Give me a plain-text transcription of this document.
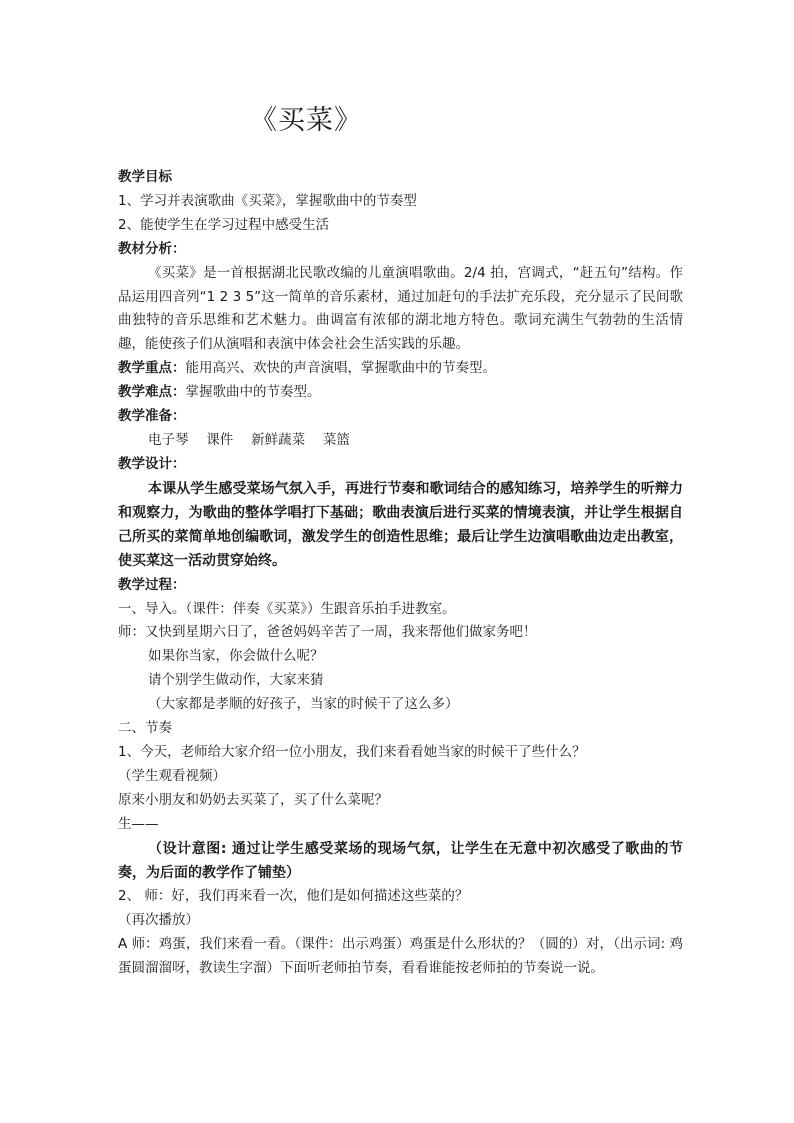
《买菜》

教学目标

1、学习并表演歌曲《买菜》，掌握歌曲中的节奏型

2、能使学生在学习过程中感受生活

教材分析：

《买菜》是一首根据湖北民歌改编的儿童演唱歌曲。2/4 拍，宫调式，“赶五句”结构。作品运用四音列“1 2 3 5”这一简单的音乐素材，通过加赶句的手法扩充乐段，充分显示了民间歌曲独特的音乐思维和艺术魅力。曲调富有浓郁的湖北地方特色。歌词充满生气勃勃的生活情趣，能使孩子们从演唱和表演中体会社会生活实践的乐趣。

教学重点：能用高兴、欢快的声音演唱，掌握歌曲中的节奏型。

教学难点：掌握歌曲中的节奏型。

教学准备：

电子琴　 课件　 新鲜蔬菜　 菜篮

教学设计：

本课从学生感受菜场气氛入手，再进行节奏和歌词结合的感知练习，培养学生的听辩力和观察力，为歌曲的整体学唱打下基础；歌曲表演后进行买菜的情境表演，并让学生根据自己所买的菜简单地创编歌词，激发学生的创造性思维；最后让学生边演唱歌曲边走出教室，使买菜这一活动贯穿始终。

教学过程：

一、导入。（课件：伴奏《买菜》）生跟音乐拍手进教室。

师：又快到星期六日了，爸爸妈妈辛苦了一周，我来帮他们做家务吧！

如果你当家，你会做什么呢？

请个别学生做动作，大家来猜

（大家都是孝顺的好孩子，当家的时候干了这么多）

二、节奏

1、今天，老师给大家介绍一位小朋友，我们来看看她当家的时候干了些什么？

（学生观看视频）

原来小朋友和奶奶去买菜了，买了什么菜呢？

生——

（设计意图: 通过让学生感受菜场的现场气氛，让学生在无意中初次感受了歌曲的节奏，为后面的教学作了铺垫）

2、 师：好，我们再来看一次，他们是如何描述这些菜的？

（再次播放）

A 师：鸡蛋，我们来看一看。（课件：出示鸡蛋）鸡蛋是什么形状的？（圆的）对，（出示词: 鸡蛋圆溜溜呀，教读生字溜）下面听老师拍节奏，看看谁能按老师拍的节奏说一说。
